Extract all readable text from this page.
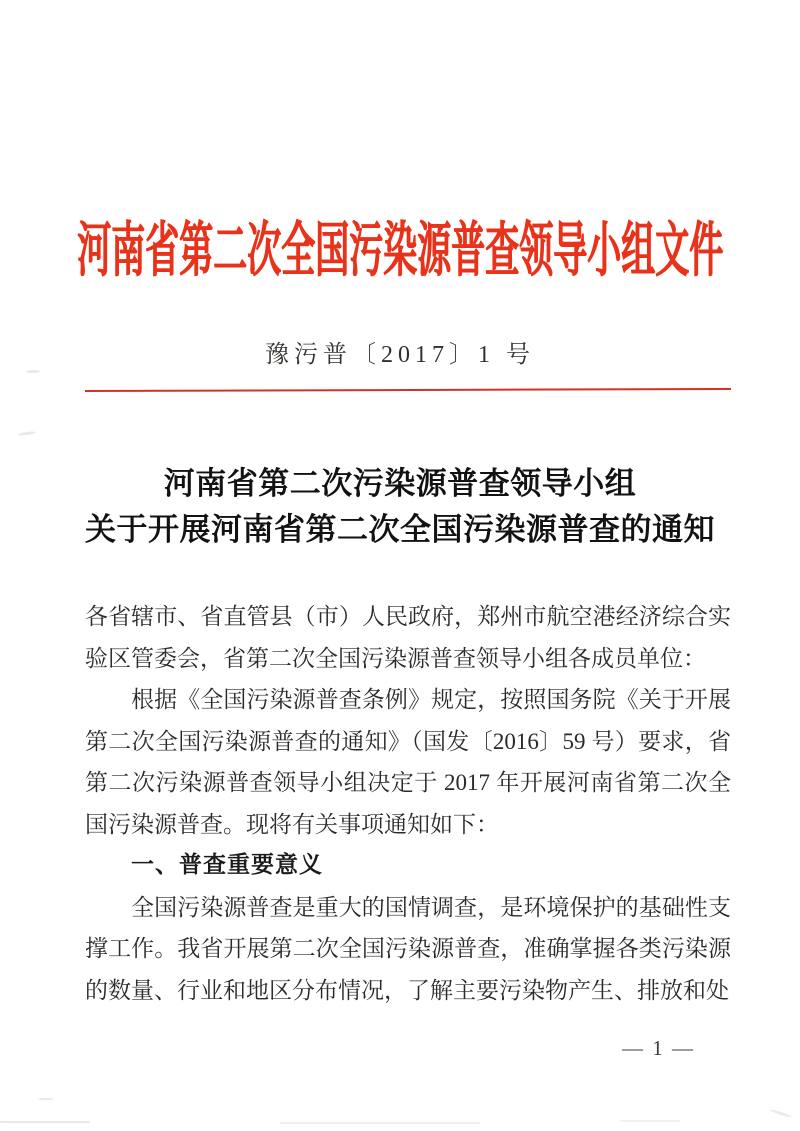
河南省第二次全国污染源普查领导小组文件
豫污普〔2017〕1 号
河南省第二次污染源普查领导小组
关于开展河南省第二次全国污染源普查的通知

各省辖市、省直管县（市）人民政府，郑州市航空港经济综合实验区管委会，省第二次全国污染源普查领导小组各成员单位：

根据《全国污染源普查条例》规定，按照国务院《关于开展第二次全国污染源普查的通知》（国发〔2016〕59 号）要求，省第二次污染源普查领导小组决定于 2017 年开展河南省第二次全国污染源普查。现将有关事项通知如下：

一、普查重要意义

全国污染源普查是重大的国情调查，是环境保护的基础性支撑工作。我省开展第二次全国污染源普查，准确掌握各类污染源的数量、行业和地区分布情况，了解主要污染物产生、排放和处

— 1 —
